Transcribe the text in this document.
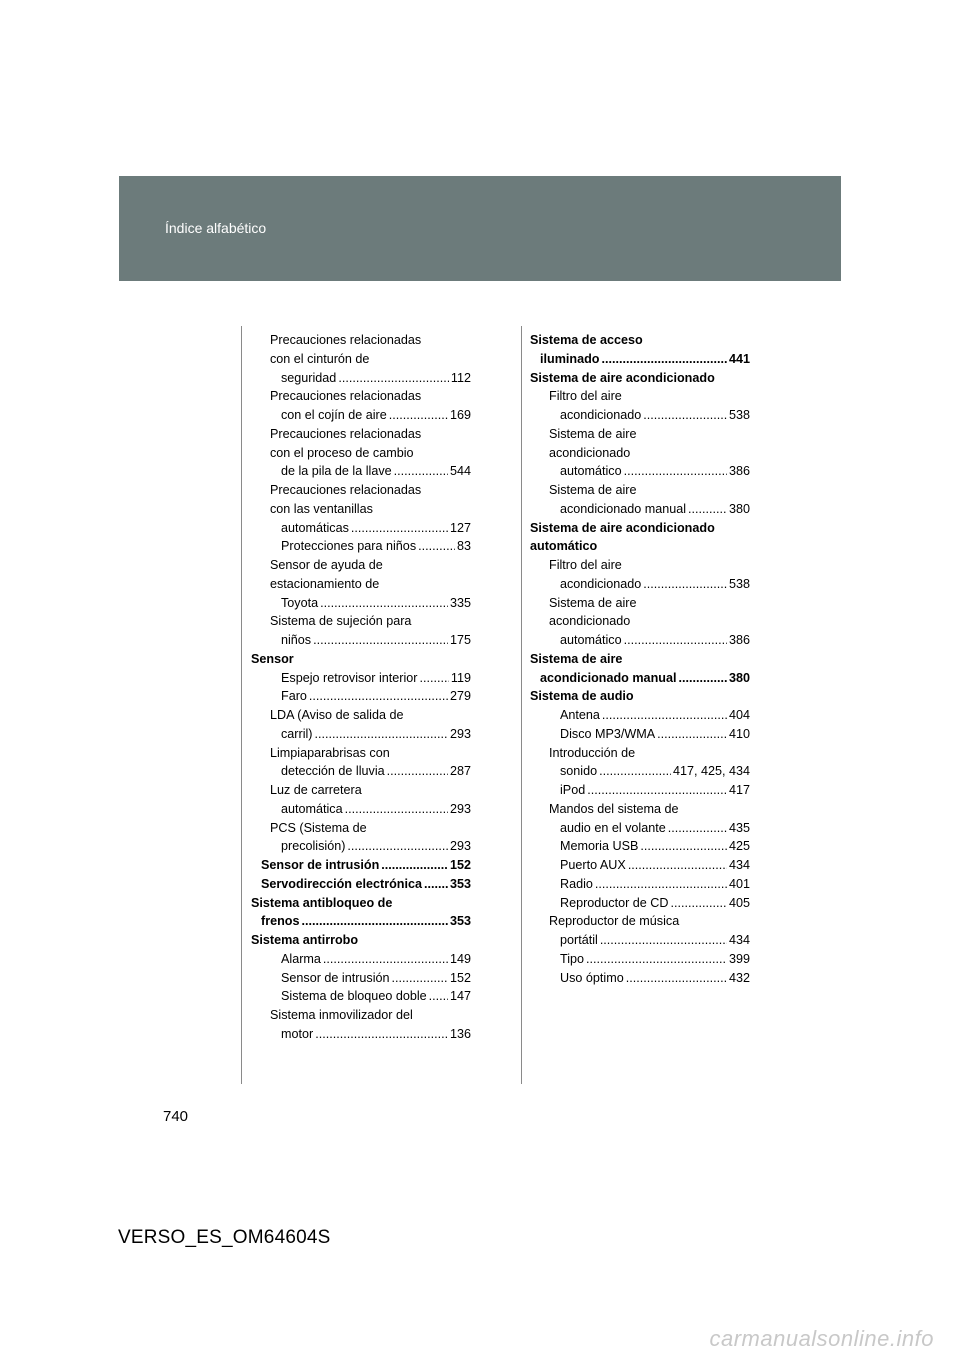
Índice alfabético
Precauciones relacionadas
con el cinturón de
seguridad .....	112
Precauciones relacionadas
con el cojín de aire .....	169
Precauciones relacionadas
con el proceso de cambio
de la pila de la llave .....	544
Precauciones relacionadas
con las ventanillas
automáticas .....	127
Protecciones para niños .....	83
Sensor de ayuda de
estacionamiento de
Toyota .....	335
Sistema de sujeción para
niños .....	175
Sensor
Espejo retrovisor interior .....	119
Faro .....	279
LDA (Aviso de salida de
carril) .....	293
Limpiaparabrisas con
detección de lluvia .....	287
Luz de carretera
automática .....	293
PCS (Sistema de
precolisión) .....	293
Sensor de intrusión .....	152
Servodirección electrónica ..... 353
Sistema antibloqueo de
frenos .....	353
Sistema antirrobo
Alarma .....	149
Sensor de intrusión .....	152
Sistema de bloqueo doble ..... 147
Sistema inmovilizador del
motor .....	136
Sistema de acceso
iluminado .....	441
Sistema de aire acondicionado
Filtro del aire
acondicionado .....	538
Sistema de aire
acondicionado
automático .....	386
Sistema de aire
acondicionado manual .....	380
Sistema de aire acondicionado
automático
Filtro del aire
acondicionado .....	538
Sistema de aire
acondicionado
automático .....	386
Sistema de aire
acondicionado manual .....	380
Sistema de audio
Antena .....	404
Disco MP3/WMA .....	410
Introducción de
sonido .....	417, 425, 434
iPod .....	417
Mandos del sistema de
audio en el volante .....	435
Memoria USB .....	425
Puerto AUX .....	434
Radio .....	401
Reproductor de CD .....	405
Reproductor de música
portátil .....	434
Tipo .....	399
Uso óptimo .....	432
740
VERSO_ES_OM64604S
carmanualsonline.info
